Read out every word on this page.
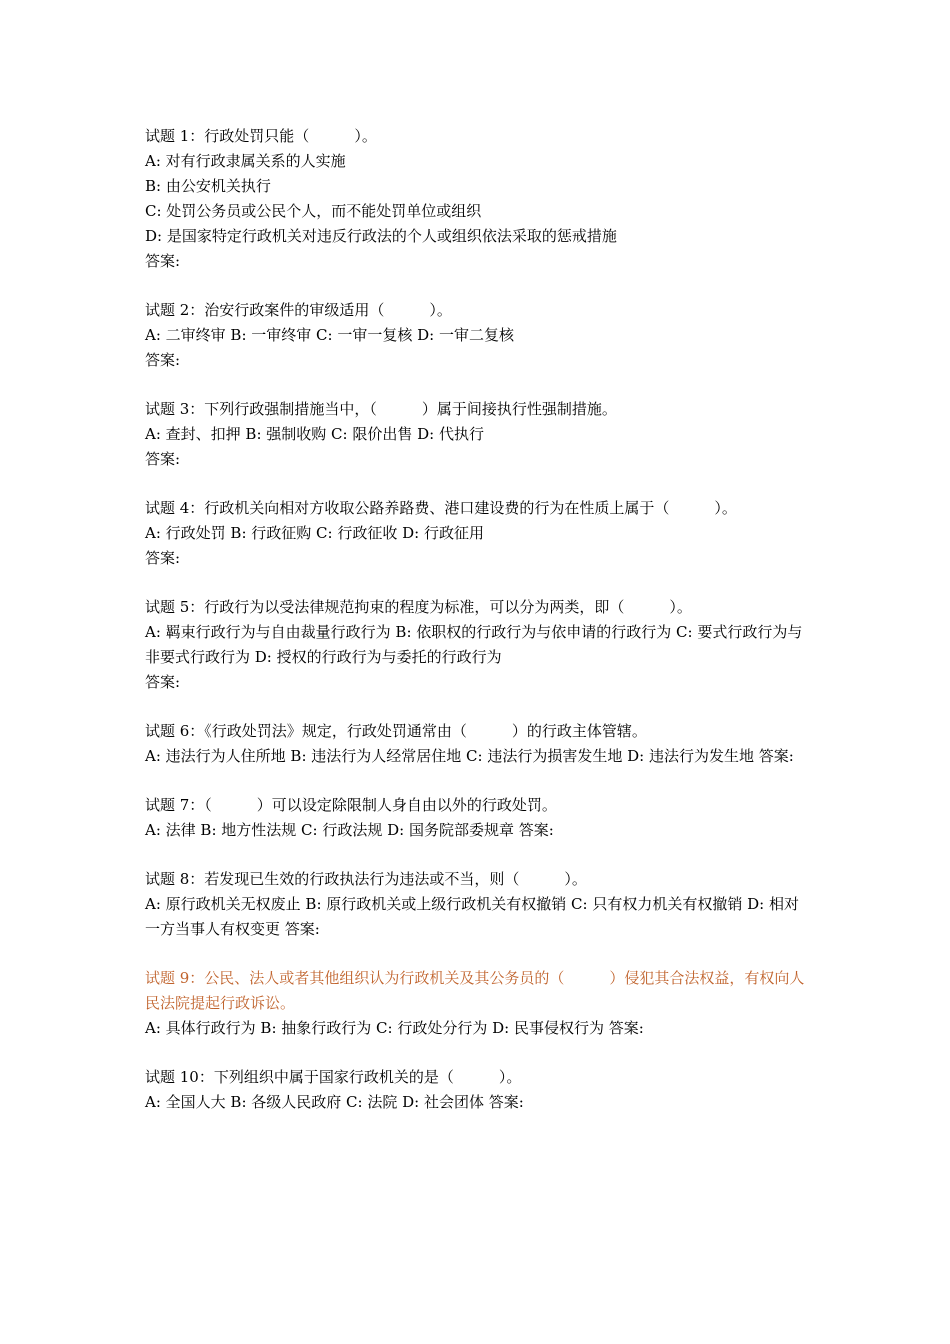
试题 1：行政处罚只能（　　　）。
A: 对有行政隶属关系的人实施
B: 由公安机关执行
C: 处罚公务员或公民个人，而不能处罚单位或组织
D: 是国家特定行政机关对违反行政法的个人或组织依法采取的惩戒措施
答案:
试题 2：治安行政案件的审级适用（　　　）。
A: 二审终审 B: 一审终审 C: 一审一复核 D: 一审二复核
答案:
试题 3：下列行政强制措施当中，（　　　）属于间接执行性强制措施。
A: 查封、扣押 B: 强制收购 C: 限价出售 D: 代执行
答案:
试题 4：行政机关向相对方收取公路养路费、港口建设费的行为在性质上属于（　　　）。
A: 行政处罚 B: 行政征购 C: 行政征收 D: 行政征用
答案:
试题 5：行政行为以受法律规范拘束的程度为标准，可以分为两类，即（　　　）。
A: 羁束行政行为与自由裁量行政行为 B: 依职权的行政行为与依申请的行政行为 C: 要式行政行为与非要式行政行为 D: 授权的行政行为与委托的行政行为
答案:
试题 6：《行政处罚法》规定，行政处罚通常由（　　　）的行政主体管辖。
A: 违法行为人住所地 B: 违法行为人经常居住地 C: 违法行为损害发生地 D: 违法行为发生地 答案:
试题 7：（　　　）可以设定除限制人身自由以外的行政处罚。
A: 法律 B: 地方性法规 C: 行政法规 D: 国务院部委规章 答案:
试题 8：若发现已生效的行政执法行为违法或不当，则（　　　）。
A: 原行政机关无权废止 B: 原行政机关或上级行政机关有权撤销 C: 只有权力机关有权撤销 D: 相对一方当事人有权变更 答案:
试题 9：公民、法人或者其他组织认为行政机关及其公务员的（　　　）侵犯其合法权益，有权向人民法院提起行政诉讼。
A: 具体行政行为 B: 抽象行政行为 C: 行政处分行为 D: 民事侵权行为 答案:
试题 10：下列组织中属于国家行政机关的是（　　　）。
A: 全国人大 B: 各级人民政府 C: 法院 D: 社会团体 答案:
